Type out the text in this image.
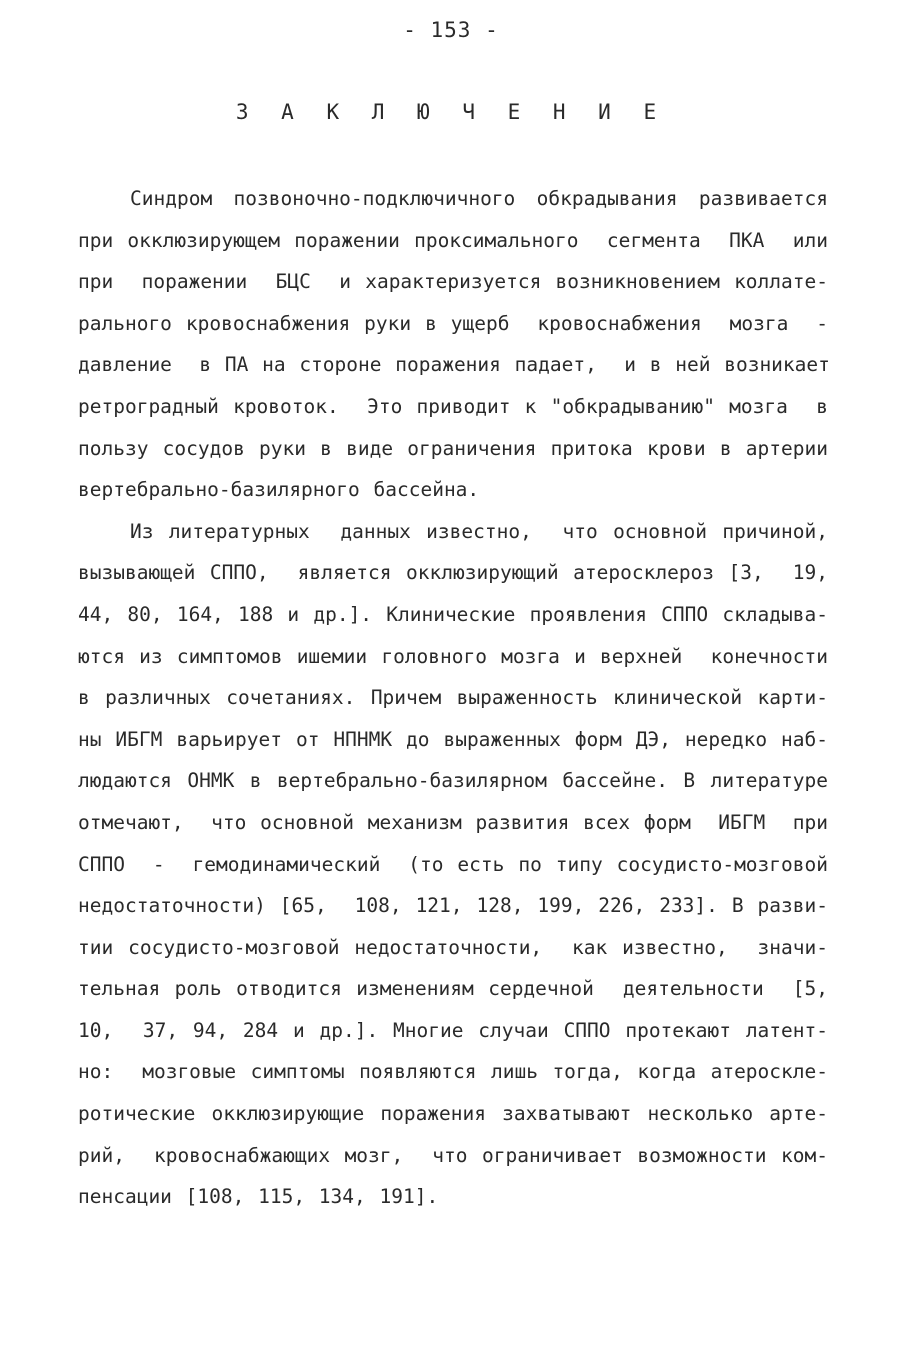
- 153 -
З А К Л Ю Ч Е Н И Е
Синдром позвоночно-подключичного обкрадывания развивается
при окклюзирующем поражении проксимального  сегмента  ПКА  или
при  поражении  БЦС  и характеризуется возникновением коллате-
рального кровоснабжения руки в ущерб  кровоснабжения  мозга  -
давление  в ПА на стороне поражения падает,  и в ней возникает
ретроградный кровоток.  Это приводит к "обкрадыванию" мозга  в
пользу сосудов руки в виде ограничения притока крови в артерии
вертебрально-базилярного бассейна.
Из литературных  данных известно,  что основной причиной,
вызывающей СППО,  является окклюзирующий атеросклероз [3,  19,
44, 80, 164, 188 и др.]. Клинические проявления СППО складыва-
ются из симптомов ишемии головного мозга и верхней  конечности
в различных сочетаниях. Причем выраженность клинической карти-
ны ИБГМ варьирует от НПНМК до выраженных форм ДЭ, нередко наб-
людаются ОНМК в вертебрально-базилярном бассейне. В литературе
отмечают,  что основной механизм развития всех форм  ИБГМ  при
СППО  -  гемодинамический  (то есть по типу сосудисто-мозговой
недостаточности) [65,  108, 121, 128, 199, 226, 233]. В разви-
тии сосудисто-мозговой недостаточности,  как известно,  значи-
тельная роль отводится изменениям сердечной  деятельности  [5,
10,  37, 94, 284 и др.]. Многие случаи СППО протекают латент-
но:  мозговые симптомы появляются лишь тогда, когда атероскле-
ротические окклюзирующие поражения захватывают несколько арте-
рий,  кровоснабжающих мозг,  что ограничивает возможности ком-
пенсации [108, 115, 134, 191].
